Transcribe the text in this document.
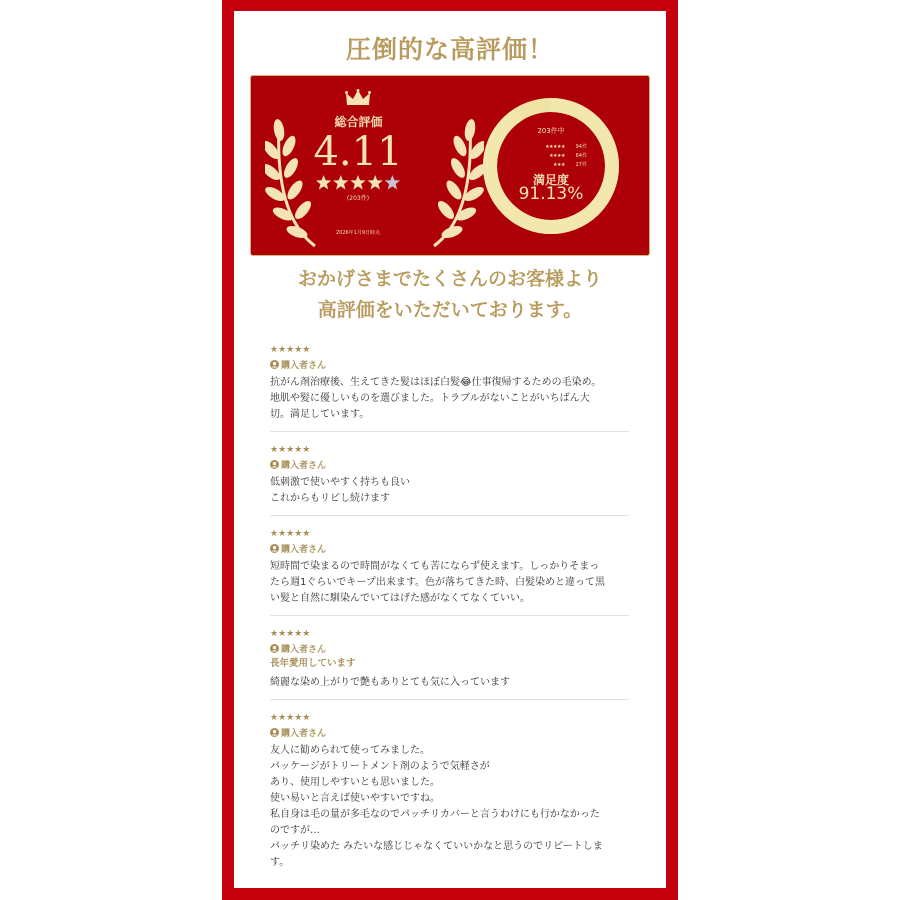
圧倒的な高評価！
総合評価
4.11
(203件)
2026年1月9日時点
203件中
★★★★★	94件
★★★★	64件
★★★	27件
満足度
91.13%
おかげさまでたくさんのお客様より
高評価をいただいております。
★★★★★
購入者さん
抗がん剤治療後、生えてきた髪はほぼ白髪😂仕事復帰するための毛染め。
地肌や髪に優しいものを選びました。トラブルがないことがいちばん大
切。満足しています。
★★★★★
購入者さん
低刺激で使いやすく持ちも良い
これからもリピし続けます
★★★★★
購入者さん
短時間で染まるので時間がなくても苦にならず使えます。しっかりそまっ
たら週1ぐらいでキープ出来ます。色が落ちてきた時、白髪染めと違って黒
い髪と自然に馴染んでいてはげた感がなくてなくていい。
★★★★★
購入者さん
長年愛用しています
綺麗な染め上がりで艶もありとても気に入っています
★★★★★
購入者さん
友人に勧められて使ってみました。
パッケージがトリートメント剤のようで気軽さが
あり、使用しやすいとも思いました。
使い易いと言えば使いやすいですね。
私自身は毛の量が多毛なのでパッチリカバーと言うわけにも行かなかった
のですが…
パッチリ染めた みたいな感じじゃなくていいかなと思うのでリピートしま
す。
